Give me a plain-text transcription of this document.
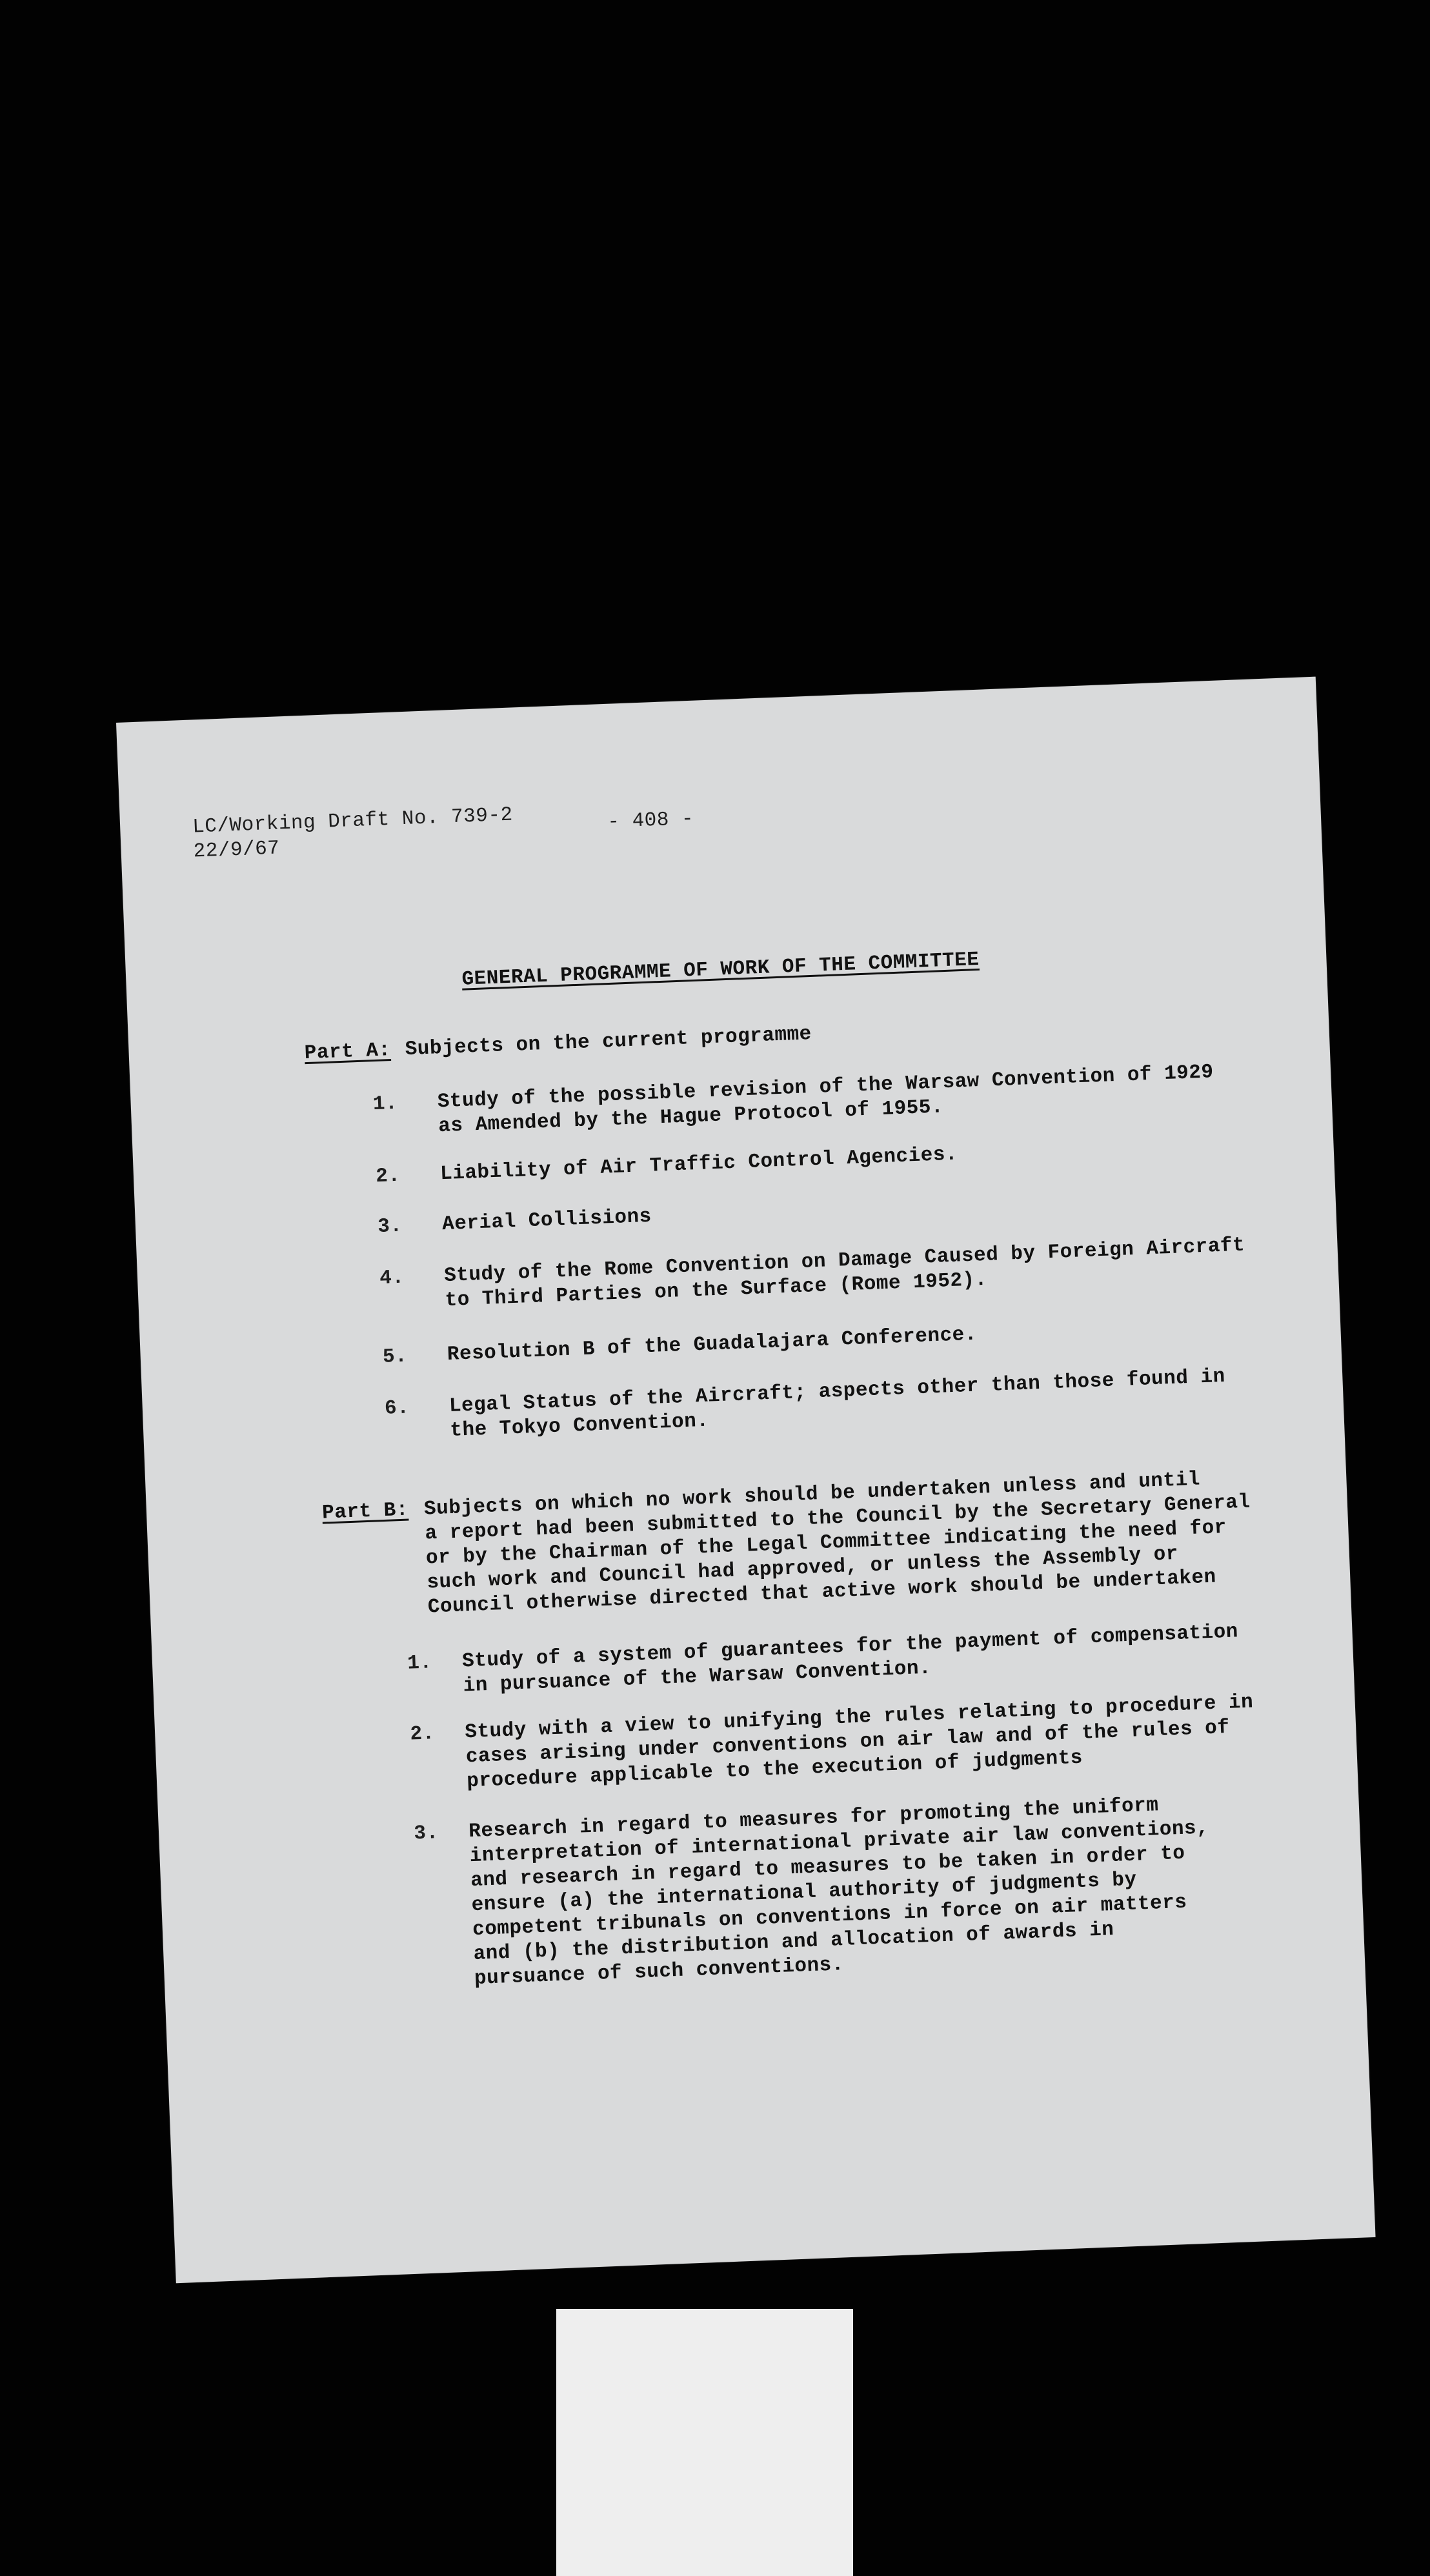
LC/Working Draft No. 739-2
22/9/67
- 408 -
GENERAL PROGRAMME OF WORK OF THE COMMITTEE
Part A: Subjects on the current programme
1. Study of the possible revision of the Warsaw Convention of 1929
as Amended by the Hague Protocol of 1955.
2. Liability of Air Traffic Control Agencies.
3. Aerial Collisions
4. Study of the Rome Convention on Damage Caused by Foreign Aircraft
to Third Parties on the Surface (Rome 1952).
5. Resolution B of the Guadalajara Conference.
6. Legal Status of the Aircraft; aspects other than those found in
the Tokyo Convention.
Part B: Subjects on which no work should be undertaken unless and until
a report had been submitted to the Council by the Secretary General
or by the Chairman of the Legal Committee indicating the need for
such work and Council had approved, or unless the Assembly or
Council otherwise directed that active work should be undertaken
1. Study of a system of guarantees for the payment of compensation
in pursuance of the Warsaw Convention.
2. Study with a view to unifying the rules relating to procedure in
cases arising under conventions on air law and of the rules of
procedure applicable to the execution of judgments
3. Research in regard to measures for promoting the uniform
interpretation of international private air law conventions,
and research in regard to measures to be taken in order to
ensure (a) the international authority of judgments by
competent tribunals on conventions in force on air matters
and (b) the distribution and allocation of awards in
pursuance of such conventions.
